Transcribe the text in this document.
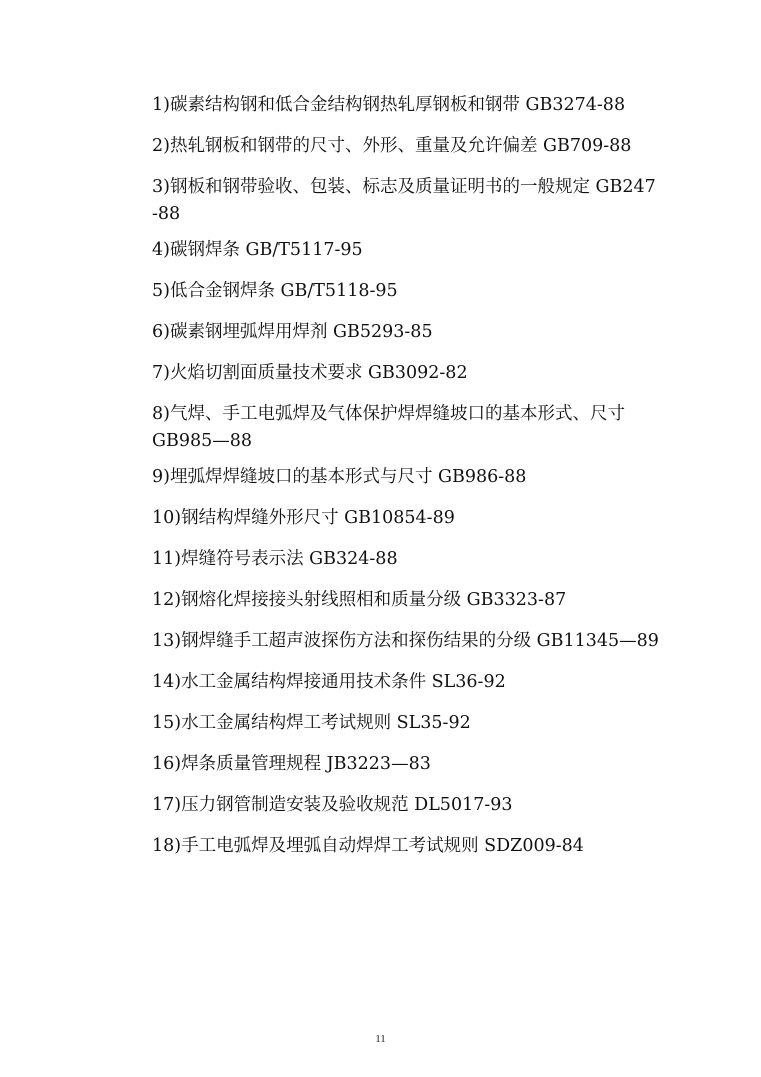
1)碳素结构钢和低合金结构钢热轧厚钢板和钢带 GB3274-88
2)热轧钢板和钢带的尺寸、外形、重量及允许偏差 GB709-88
3)钢板和钢带验收、包装、标志及质量证明书的一般规定 GB247
-88
4)碳钢焊条 GB/T5117-95
5)低合金钢焊条 GB/T5118-95
6)碳素钢埋弧焊用焊剂 GB5293-85
7)火焰切割面质量技术要求 GB3092-82
8)气焊、手工电弧焊及气体保护焊焊缝坡口的基本形式、尺寸
GB985—88
9)埋弧焊焊缝坡口的基本形式与尺寸 GB986-88
10)钢结构焊缝外形尺寸 GB10854-89
11)焊缝符号表示法 GB324-88
12)钢熔化焊接接头射线照相和质量分级 GB3323-87
13)钢焊缝手工超声波探伤方法和探伤结果的分级 GB11345—89
14)水工金属结构焊接通用技术条件 SL36-92
15)水工金属结构焊工考试规则 SL35-92
16)焊条质量管理规程 JB3223—83
17)压力钢管制造安装及验收规范 DL5017-93
18)手工电弧焊及埋弧自动焊焊工考试规则 SDZ009-84
11
